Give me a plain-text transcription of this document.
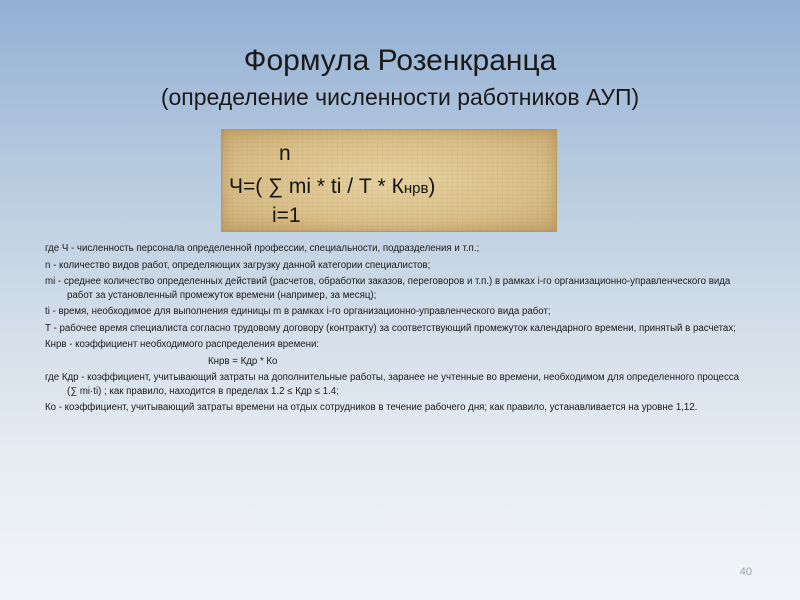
Формула Розенкранца
(определение численности работников АУП)
n
Ч=( ∑ mi * ti / Т * Кнрв)
i=1
где Ч - численность персонала определенной профессии, специальности, подразделения и т.п.;
n - количество видов работ, определяющих загрузку данной категории специалистов;
mi - среднее количество определенных действий (расчетов, обработки заказов, переговоров и т.п.) в рамках i-го организационно-управленческого вида работ за установленный промежуток времени (например, за месяц);
ti - время, необходимое для выполнения единицы m в рамках i-го организационно-управленческого вида работ;
Т - рабочее время специалиста согласно трудовому договору (контракту) за соответствующий промежуток календарного времени, принятый в расчетах;
Кнрв - коэффициент необходимого распределения времени:
Кнрв = Кдр * Ко
где Кдр - коэффициент, учитывающий затраты на дополнительные работы, заранее не учтенные во времени, необходимом для определенного процесса (∑ mi·ti) ; как правило, находится в пределах 1.2 ≤ Кдр ≤ 1.4;
Ко - коэффициент, учитывающий затраты времени на отдых сотрудников в течение рабочего дня; как правило, устанавливается на уровне 1,12.
40
